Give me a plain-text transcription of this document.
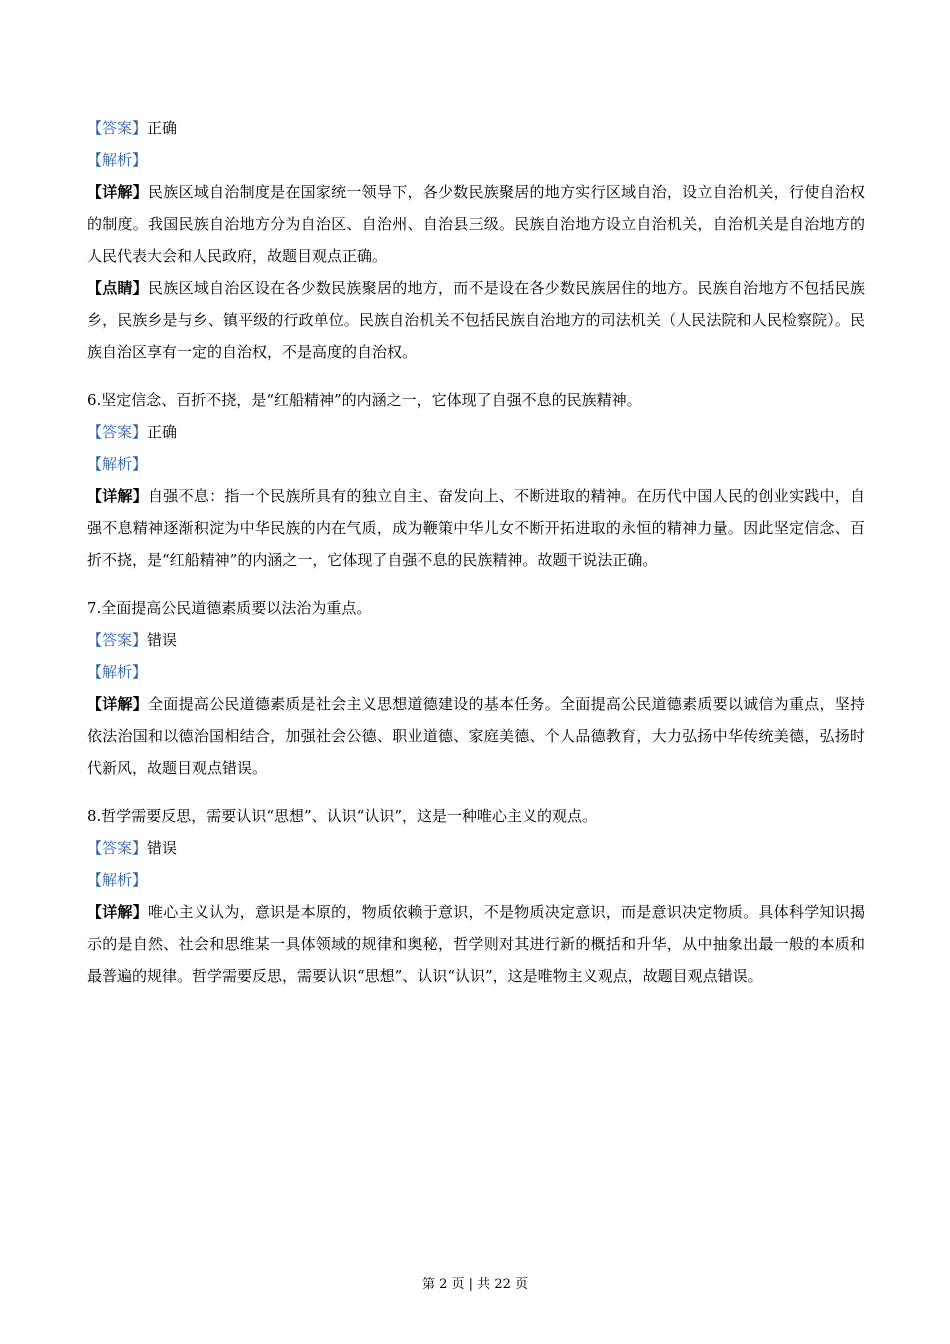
【答案】正确
【解析】
【详解】民族区域自治制度是在国家统一领导下，各少数民族聚居的地方实行区域自治，设立自治机关，行使自治权的制度。我国民族自治地方分为自治区、自治州、自治县三级。民族自治地方设立自治机关，自治机关是自治地方的人民代表大会和人民政府，故题目观点正确。
【点睛】民族区域自治区设在各少数民族聚居的地方，而不是设在各少数民族居住的地方。民族自治地方不包括民族乡，民族乡是与乡、镇平级的行政单位。民族自治机关不包括民族自治地方的司法机关（人民法院和人民检察院）。民族自治区享有一定的自治权，不是高度的自治权。
6.坚定信念、百折不挠，是“红船精神”的内涵之一，它体现了自强不息的民族精神。
【答案】正确
【解析】
【详解】自强不息：指一个民族所具有的独立自主、奋发向上、不断进取的精神。在历代中国人民的创业实践中，自强不息精神逐渐积淀为中华民族的内在气质，成为鞭策中华儿女不断开拓进取的永恒的精神力量。因此坚定信念、百折不挠，是“红船精神”的内涵之一，它体现了自强不息的民族精神。故题干说法正确。
7.全面提高公民道德素质要以法治为重点。
【答案】错误
【解析】
【详解】全面提高公民道德素质是社会主义思想道德建设的基本任务。全面提高公民道德素质要以诚信为重点，坚持依法治国和以德治国相结合，加强社会公德、职业道德、家庭美德、个人品德教育，大力弘扬中华传统美德，弘扬时代新风，故题目观点错误。
8.哲学需要反思，需要认识“思想”、认识“认识”，这是一种唯心主义的观点。
【答案】错误
【解析】
【详解】唯心主义认为，意识是本原的，物质依赖于意识，不是物质决定意识，而是意识决定物质。具体科学知识揭示的是自然、社会和思维某一具体领域的规律和奥秘，哲学则对其进行新的概括和升华，从中抽象出最一般的本质和最普遍的规律。哲学需要反思，需要认识“思想”、认识“认识”，这是唯物主义观点，故题目观点错误。
第 2 页 | 共 22 页
